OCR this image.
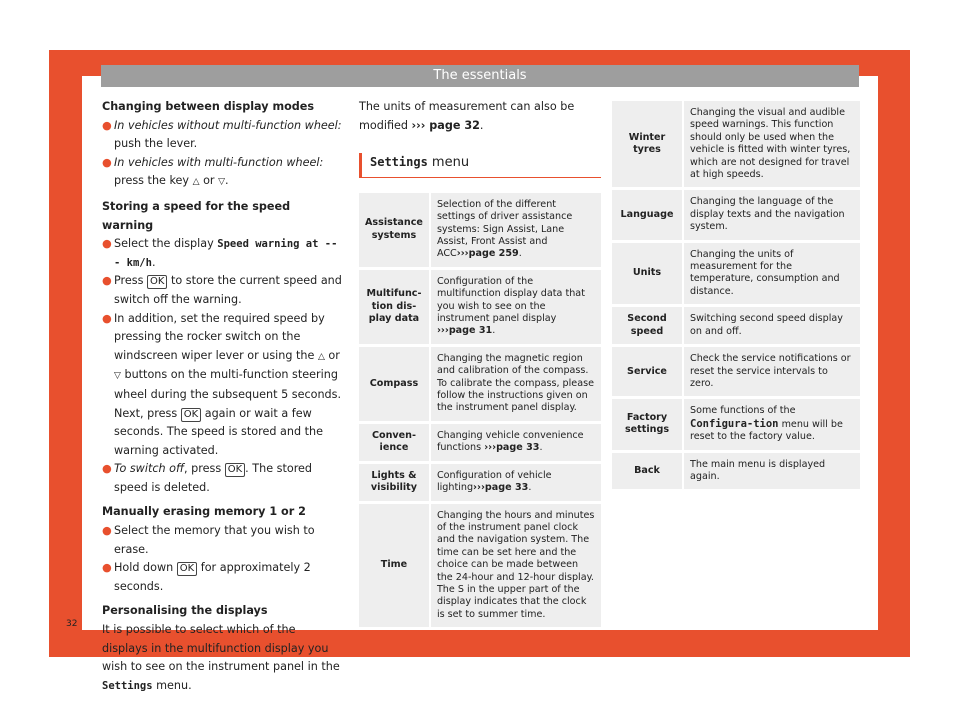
The essentials
32
Changing between display modes
● In vehicles without multi-function wheel: push the lever.
● In vehicles with multi-function wheel: press the key △ or ▽.
Storing a speed for the speed warning
● Select the display Speed warning at --- km/h.
● Press OK to store the current speed and switch off the warning.
● In addition, set the required speed by pressing the rocker switch on the windscreen wiper lever or using the △ or ▽ buttons on the multi-function steering wheel during the subsequent 5 seconds. Next, press OK again or wait a few seconds. The speed is stored and the warning activated.
● To switch off, press OK . The stored speed is deleted.
Manually erasing memory 1 or 2
● Select the memory that you wish to erase.
● Hold down OK for approximately 2 seconds.
Personalising the displays
It is possible to select which of the displays in the multifunction display you wish to see on the instrument panel in the Settings menu.
The units of measurement can also be modified ››› page 32.
Settings menu
Assistance systems	Selection of the different settings of driver assistance systems: Sign Assist, Lane Assist, Front Assist and ACC›››page 259.
Multifunc-tion dis-play data	Configuration of the multifunction display data that you wish to see on the instrument panel display ›››page 31.
Compass	Changing the magnetic region and calibration of the compass. To calibrate the compass, please follow the instructions given on the instrument panel display.
Conven-ience	Changing vehicle convenience functions ›››page 33.
Lights & visibility	Configuration of vehicle lighting›››page 33.
Time	Changing the hours and minutes of the instrument panel clock and the navigation system. The time can be set here and the choice can be made between the 24-hour and 12-hour display. The S in the upper part of the display indicates that the clock is set to summer time.
Winter tyres	Changing the visual and audible speed warnings. This function should only be used when the vehicle is fitted with winter tyres, which are not designed for travel at high speeds.
Language	Changing the language of the display texts and the navigation system.
Units	Changing the units of measurement for the temperature, consumption and distance.
Second speed	Switching second speed display on and off.
Service	Check the service notifications or reset the service intervals to zero.
Factory settings	Some functions of the Configura-tion menu will be reset to the factory value.
Back	The main menu is displayed again.
